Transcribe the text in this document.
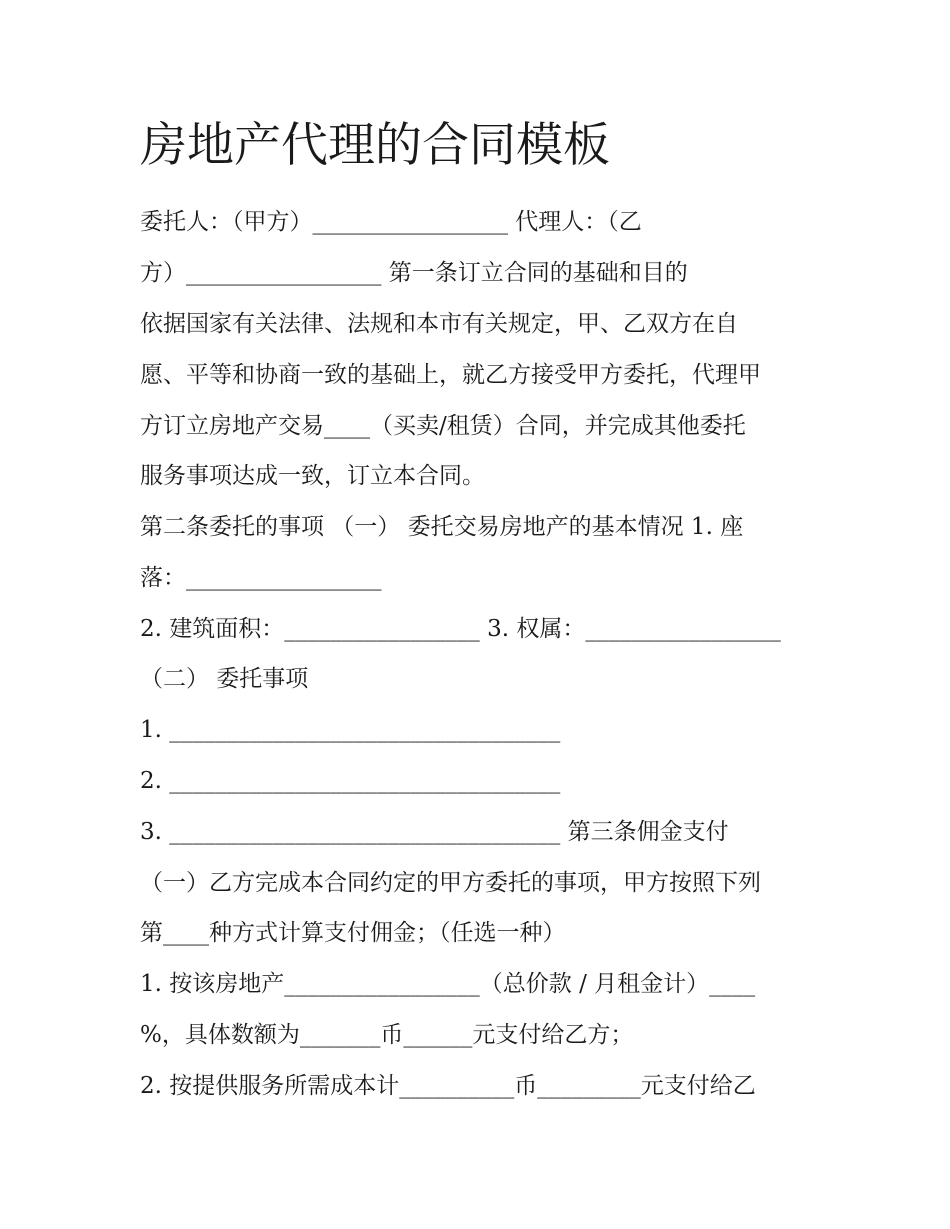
房地产代理的合同模板
委托人：（甲方）_________________ 代理人：（乙
方）_________________ 第一条订立合同的基础和目的
依据国家有关法律、法规和本市有关规定，甲、乙双方在自
愿、平等和协商一致的基础上，就乙方接受甲方委托，代理甲
方订立房地产交易____（买卖/租赁）合同，并完成其他委托
服务事项达成一致，订立本合同。
第二条委托的事项 （一） 委托交易房地产的基本情况 1. 座
落：_________________
2. 建筑面积：_________________ 3. 权属：_________________
（二） 委托事项
1. __________________________________
2. __________________________________
3. __________________________________ 第三条佣金支付
（一）乙方完成本合同约定的甲方委托的事项，甲方按照下列
第____种方式计算支付佣金；（任选一种）
1. 按该房地产_________________（总价款 / 月租金计）____
%，具体数额为_______币______元支付给乙方；
2. 按提供服务所需成本计__________币_________元支付给乙
